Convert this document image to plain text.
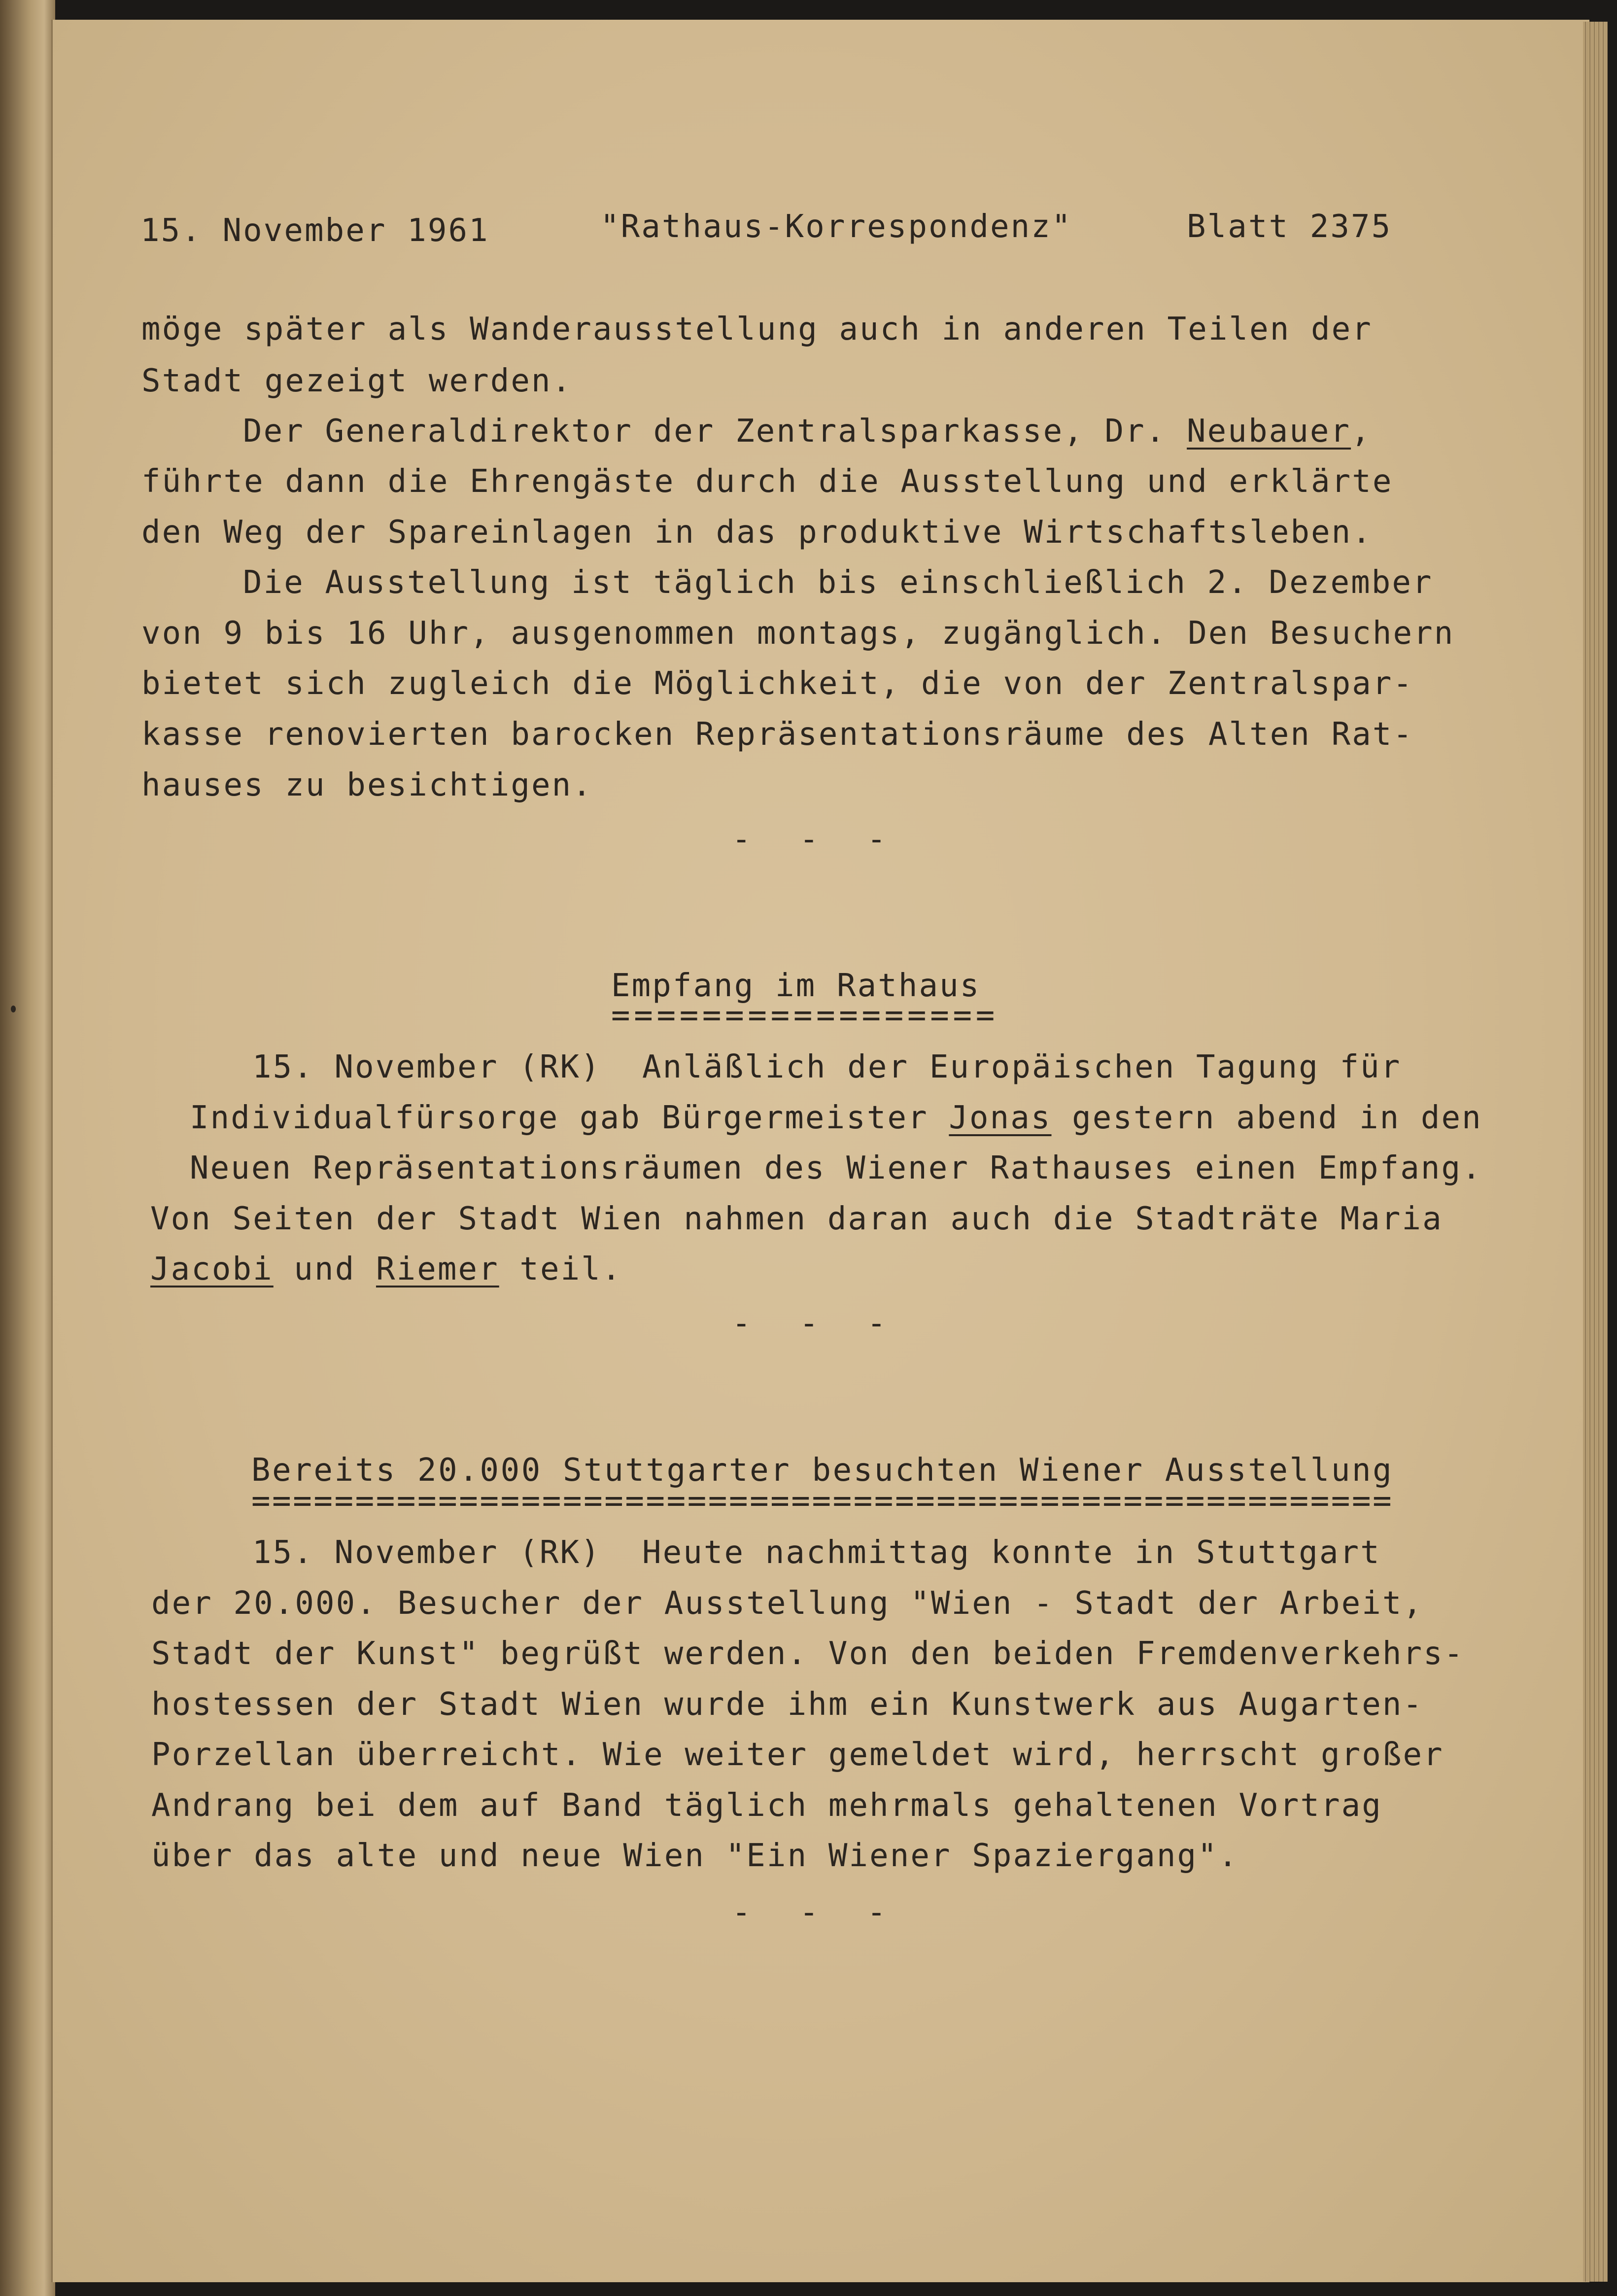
15. November 1961	"Rathaus-Korrespondenz"	Blatt 2375

möge später als Wanderausstellung auch in anderen Teilen der

Stadt gezeigt werden.

Der Generaldirektor der Zentralsparkasse, Dr. Neubauer,

führte dann die Ehrengäste durch die Ausstellung und erklärte

den Weg der Spareinlagen in das produktive Wirtschaftsleben.

Die Ausstellung ist täglich bis einschließlich 2. Dezember

von 9 bis 16 Uhr, ausgenommen montags, zugänglich. Den Besuchern

bietet sich zugleich die Möglichkeit, die von der Zentralspar-

kasse renovierten barocken Repräsentationsräume des Alten Rat-

hauses zu besichtigen.

- - -

Empfang im Rathaus

=================

15. November (RK)  Anläßlich der Europäischen Tagung für

Individualfürsorge gab Bürgermeister Jonas gestern abend in den

Neuen Repräsentationsräumen des Wiener Rathauses einen Empfang.

Von Seiten der Stadt Wien nahmen daran auch die Stadträte Maria

Jacobi und Riemer teil.

- - -

Bereits 20.000 Stuttgarter besuchten Wiener Ausstellung

=======================================================

15. November (RK)  Heute nachmittag konnte in Stuttgart

der 20.000. Besucher der Ausstellung "Wien - Stadt der Arbeit,

Stadt der Kunst" begrüßt werden. Von den beiden Fremdenverkehrs-

hostessen der Stadt Wien wurde ihm ein Kunstwerk aus Augarten-

Porzellan überreicht. Wie weiter gemeldet wird, herrscht großer

Andrang bei dem auf Band täglich mehrmals gehaltenen Vortrag

über das alte und neue Wien "Ein Wiener Spaziergang".

- - -
